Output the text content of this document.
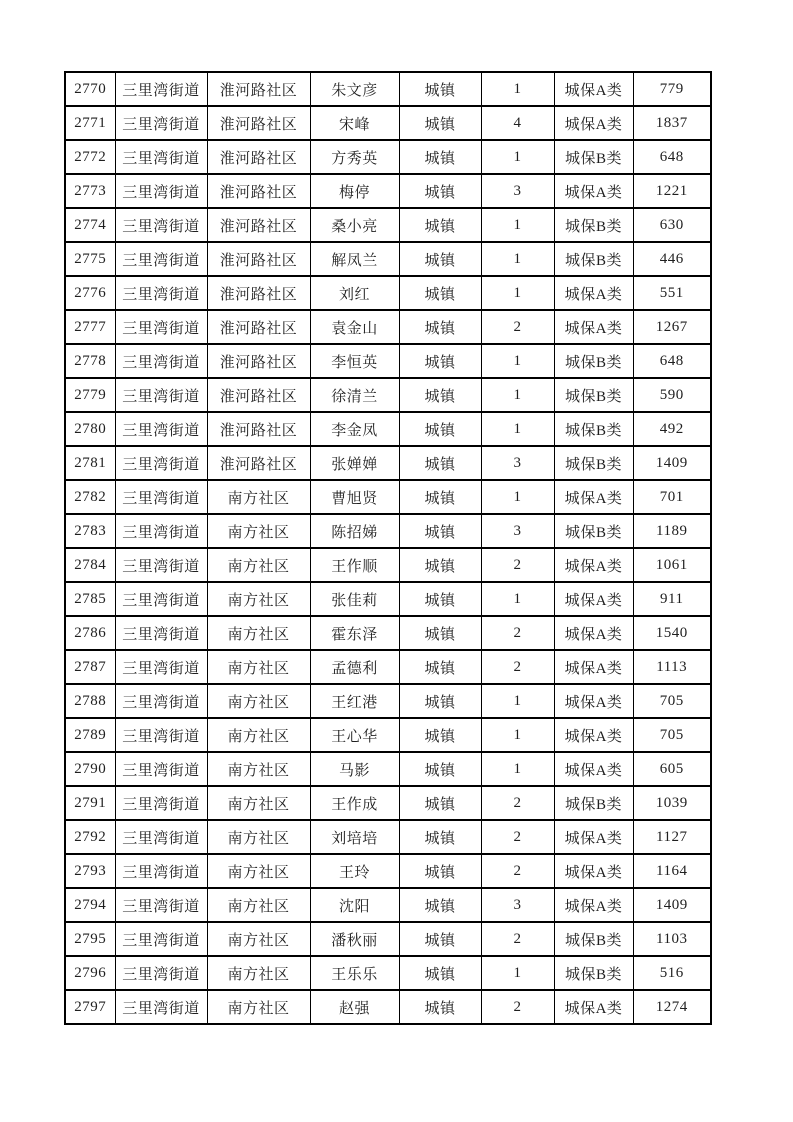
2770	三里湾街道	淮河路社区	朱文彦	城镇	1	城保A类	779
2771	三里湾街道	淮河路社区	宋峰	城镇	4	城保A类	1837
2772	三里湾街道	淮河路社区	方秀英	城镇	1	城保B类	648
2773	三里湾街道	淮河路社区	梅停	城镇	3	城保A类	1221
2774	三里湾街道	淮河路社区	桑小亮	城镇	1	城保B类	630
2775	三里湾街道	淮河路社区	解凤兰	城镇	1	城保B类	446
2776	三里湾街道	淮河路社区	刘红	城镇	1	城保A类	551
2777	三里湾街道	淮河路社区	袁金山	城镇	2	城保A类	1267
2778	三里湾街道	淮河路社区	李恒英	城镇	1	城保B类	648
2779	三里湾街道	淮河路社区	徐清兰	城镇	1	城保B类	590
2780	三里湾街道	淮河路社区	李金凤	城镇	1	城保B类	492
2781	三里湾街道	淮河路社区	张婵婵	城镇	3	城保B类	1409
2782	三里湾街道	南方社区	曹旭贤	城镇	1	城保A类	701
2783	三里湾街道	南方社区	陈招娣	城镇	3	城保B类	1189
2784	三里湾街道	南方社区	王作顺	城镇	2	城保A类	1061
2785	三里湾街道	南方社区	张佳莉	城镇	1	城保A类	911
2786	三里湾街道	南方社区	霍东泽	城镇	2	城保A类	1540
2787	三里湾街道	南方社区	孟德利	城镇	2	城保A类	1113
2788	三里湾街道	南方社区	王红港	城镇	1	城保A类	705
2789	三里湾街道	南方社区	王心华	城镇	1	城保A类	705
2790	三里湾街道	南方社区	马影	城镇	1	城保A类	605
2791	三里湾街道	南方社区	王作成	城镇	2	城保B类	1039
2792	三里湾街道	南方社区	刘培培	城镇	2	城保A类	1127
2793	三里湾街道	南方社区	王玲	城镇	2	城保A类	1164
2794	三里湾街道	南方社区	沈阳	城镇	3	城保A类	1409
2795	三里湾街道	南方社区	潘秋丽	城镇	2	城保B类	1103
2796	三里湾街道	南方社区	王乐乐	城镇	1	城保B类	516
2797	三里湾街道	南方社区	赵强	城镇	2	城保A类	1274
